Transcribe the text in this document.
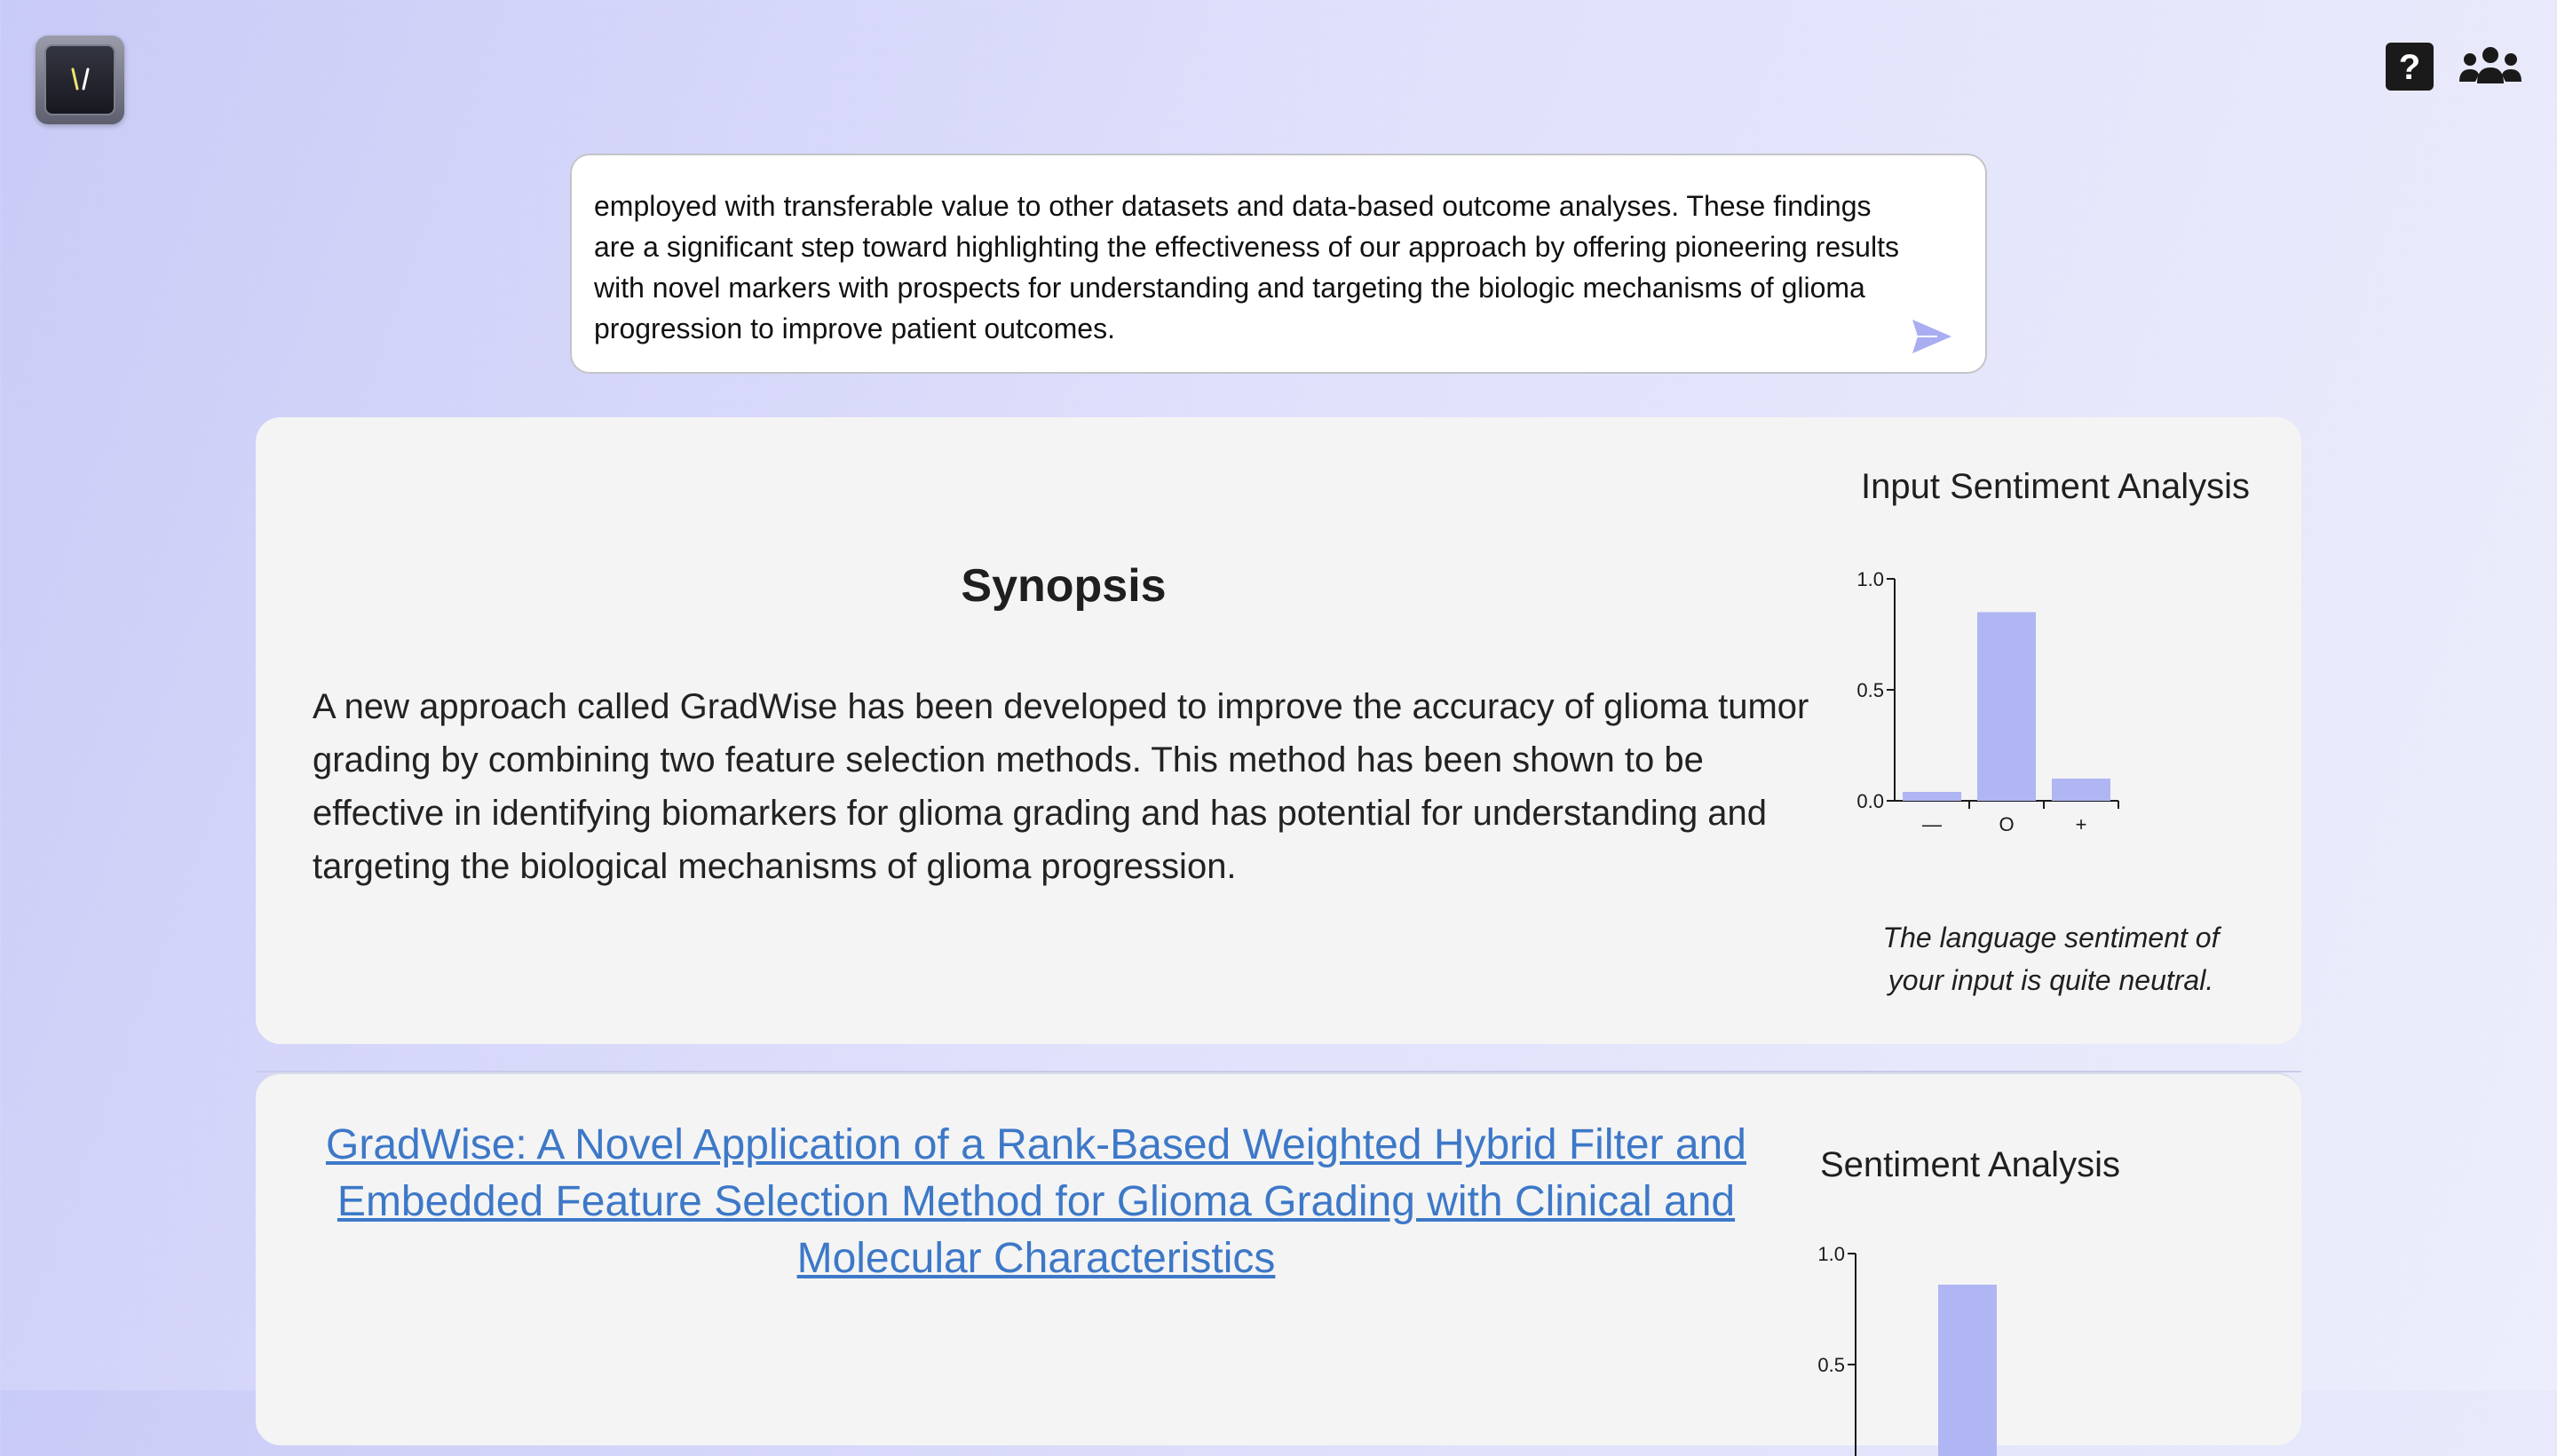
?

employed with transferable value to other datasets and data-based outcome analyses. These findings are a significant step toward highlighting the effectiveness of our approach by offering pioneering results with novel markers with prospects for understanding and targeting the biologic mechanisms of glioma progression to improve patient outcomes.

Synopsis
A new approach called GradWise has been developed to improve the accuracy of glioma tumor grading by combining two feature selection methods. This method has been shown to be effective in identifying biomarkers for glioma grading and has potential for understanding and targeting the biological mechanisms of glioma progression.
Input Sentiment Analysis
0.0
0.5
1.0
—	O	+
The language sentiment of your input is quite neutral.
GradWise: A Novel Application of a Rank-Based Weighted Hybrid Filter and Embedded Feature Selection Method for Glioma Grading with Clinical and Molecular Characteristics
Sentiment Analysis
0.5
1.0
